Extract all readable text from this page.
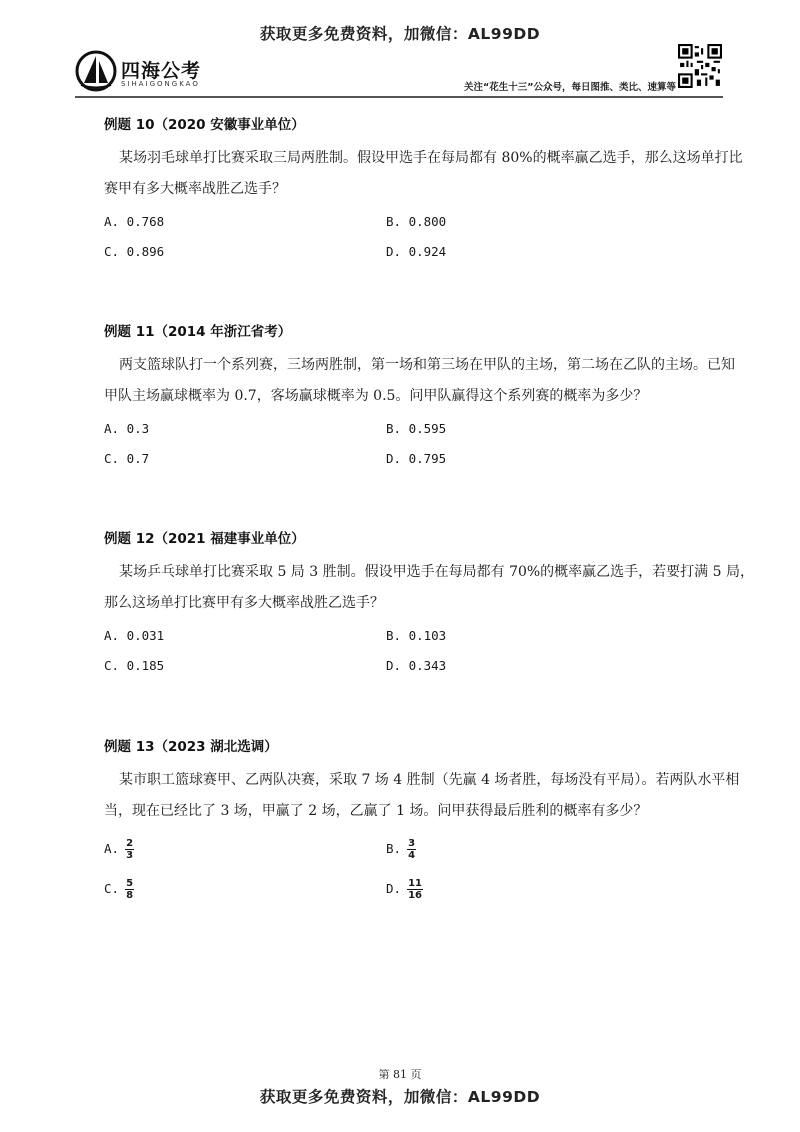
获取更多免费资料，加微信：AL99DD
四海公考
SIHAIGONGKAO	关注“花生十三”公众号，每日图推、类比、速算等
例题 10（2020 安徽事业单位）

某场羽毛球单打比赛采取三局两胜制。假设甲选手在每局都有 80%的概率赢乙选手，那么这场单打比

赛甲有多大概率战胜乙选手？

A. 0.768	B. 0.800
C. 0.896	D. 0.924
例题 11（2014 年浙江省考）

两支篮球队打一个系列赛，三场两胜制，第一场和第三场在甲队的主场，第二场在乙队的主场。已知

甲队主场赢球概率为 0.7，客场赢球概率为 0.5。问甲队赢得这个系列赛的概率为多少？

A. 0.3	B. 0.595
C. 0.7	D. 0.795
例题 12（2021 福建事业单位）

某场乒乓球单打比赛采取 5 局 3 胜制。假设甲选手在每局都有 70%的概率赢乙选手，若要打满 5 局，

那么这场单打比赛甲有多大概率战胜乙选手？

A. 0.031	B. 0.103
C. 0.185	D. 0.343
例题 13（2023 湖北选调）

某市职工篮球赛甲、乙两队决赛，采取 7 场 4 胜制（先赢 4 场者胜，每场没有平局）。若两队水平相

当，现在已经比了 3 场，甲赢了 2 场，乙赢了 1 场。问甲获得最后胜利的概率有多少？

A. $\frac{2}{3}$	B. $\frac{3}{4}$
C. $\frac{5}{8}$	D. $\frac{11}{16}$
第 81 页
获取更多免费资料，加微信：AL99DD
